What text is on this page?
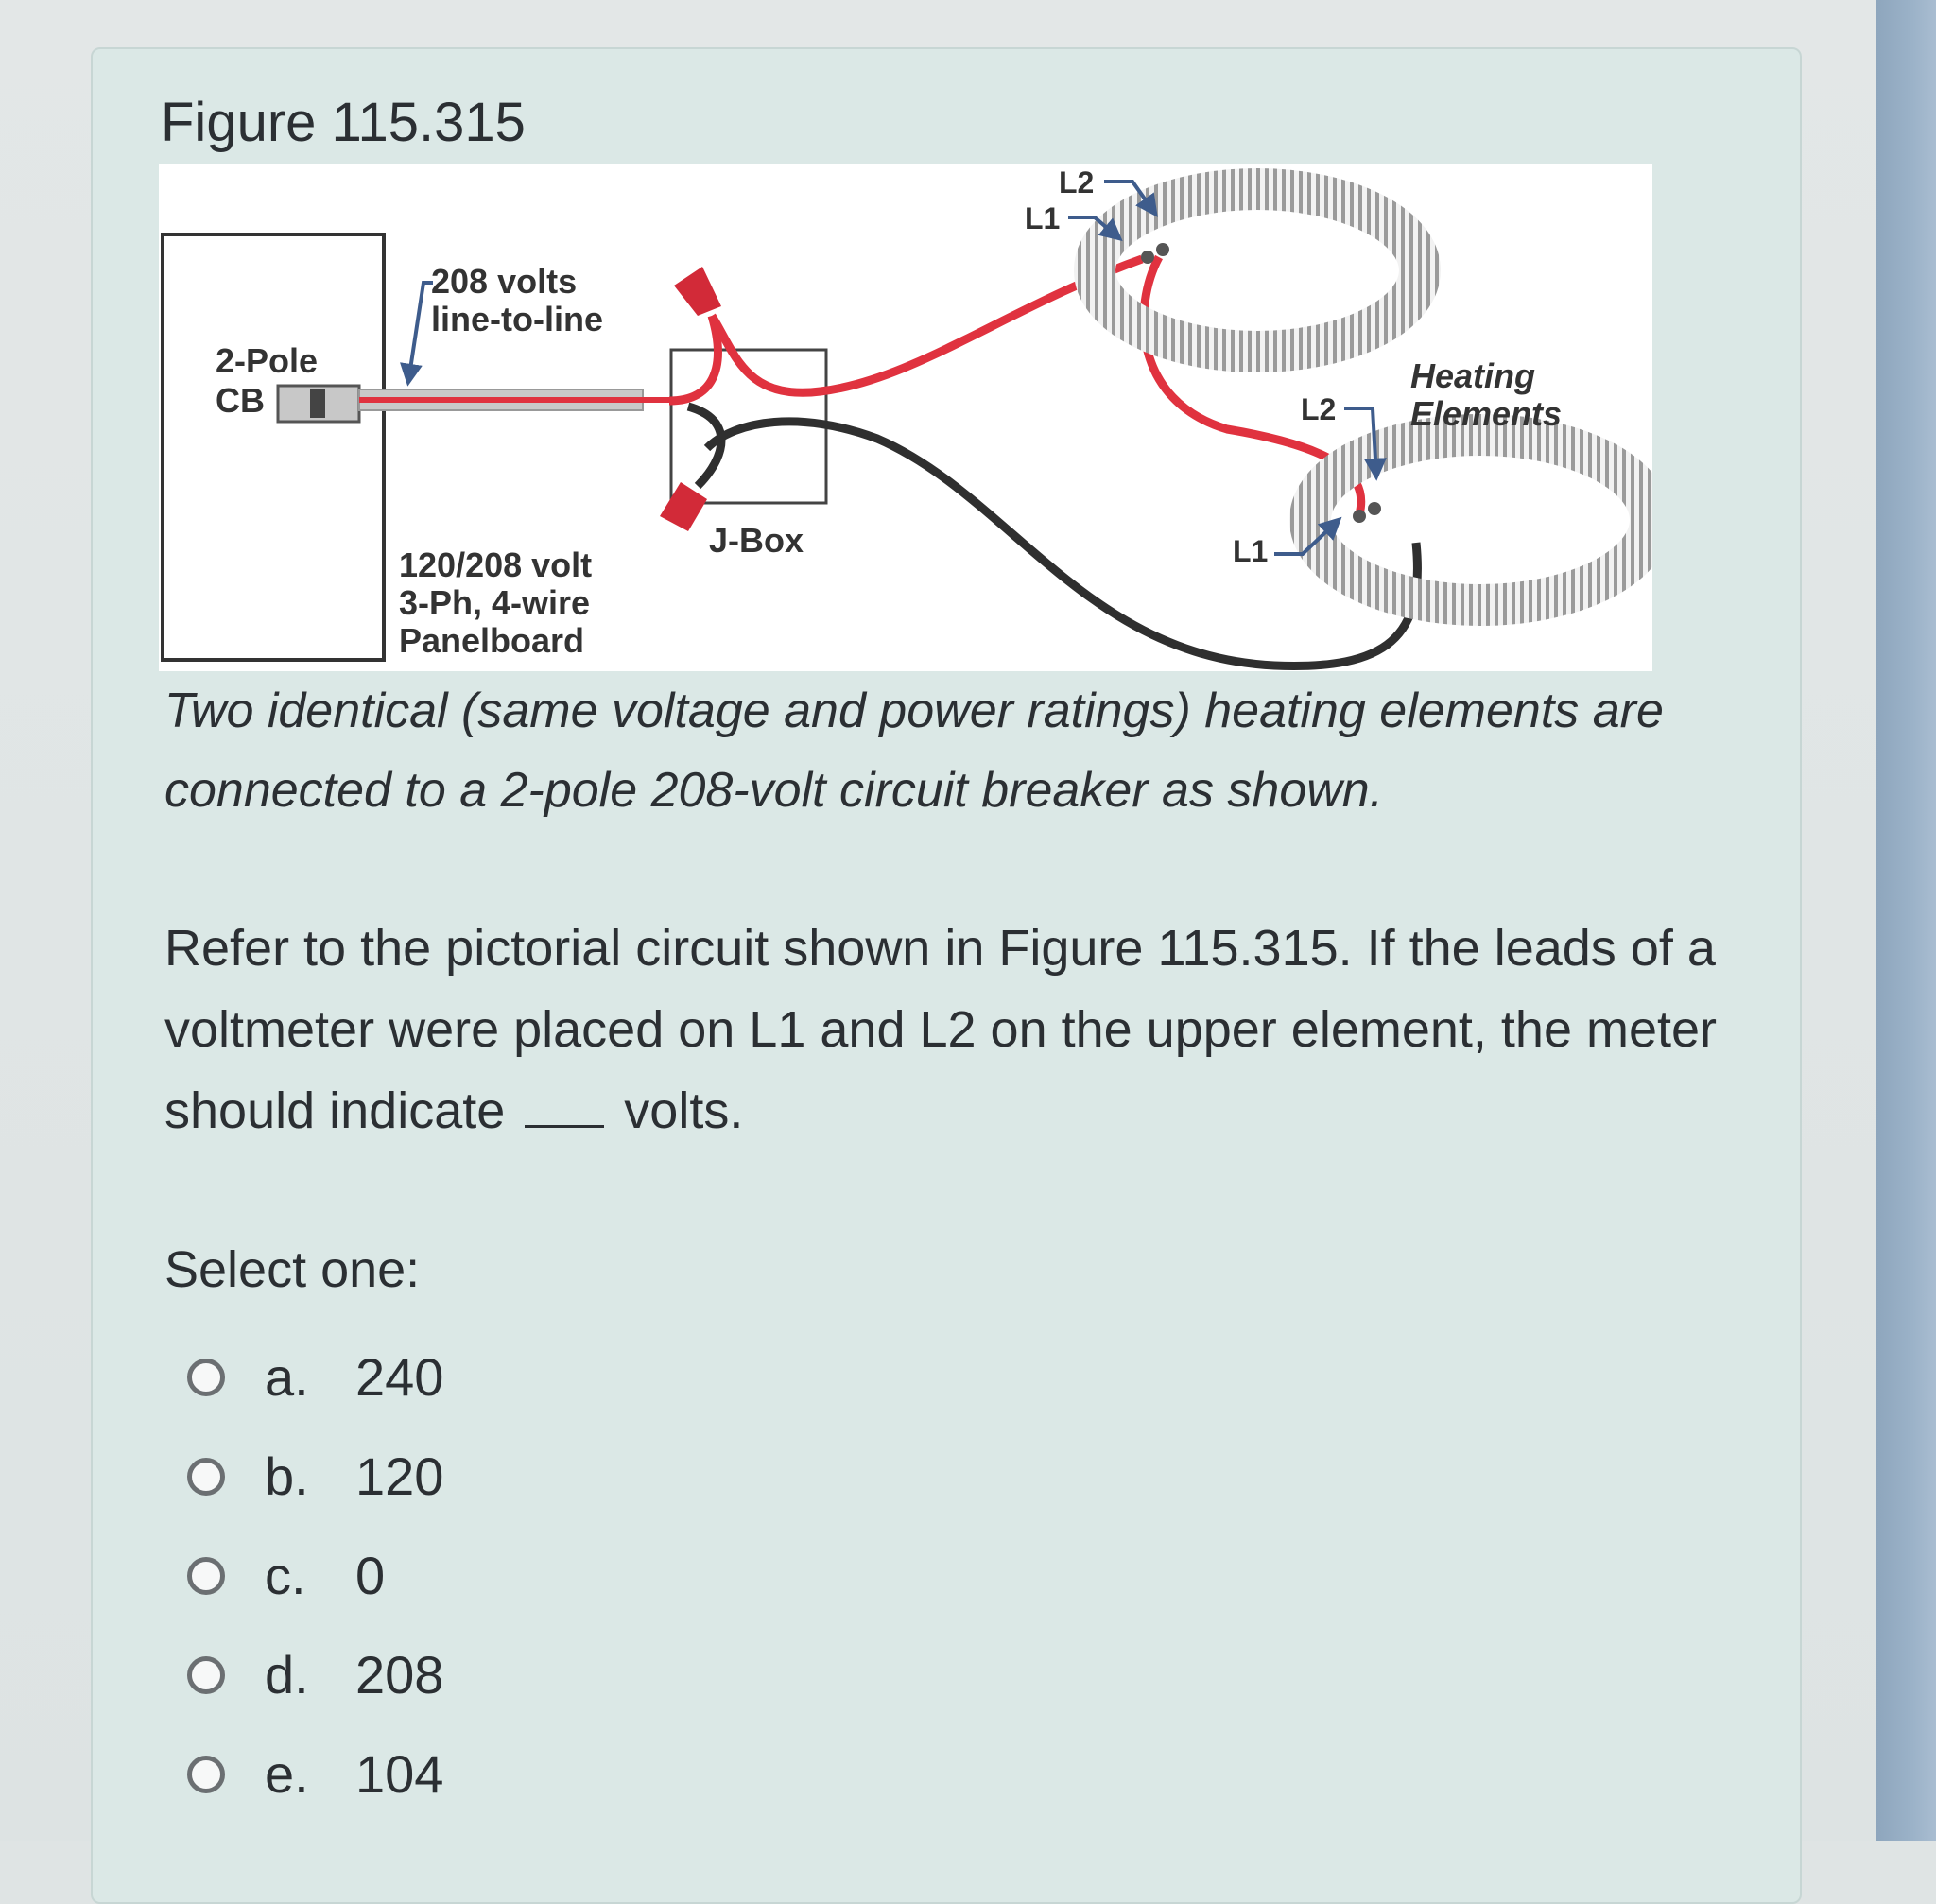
Figure 115.315
2-Pole
CB
208 volts
line-to-line
120/208 volt
3-Ph, 4-wire
Panelboard
J-Box
L2
L1
L2
L1
Heating
Elements
Two identical (same voltage and power ratings) heating elements are connected to a 2-pole 208-volt circuit breaker as shown.
Refer to the pictorial circuit shown in Figure 115.315. If the leads of a voltmeter were placed on L1 and L2 on the upper element, the meter should indicate volts.
Select one:
a. 240
b. 120
c. 0
d. 208
e. 104
